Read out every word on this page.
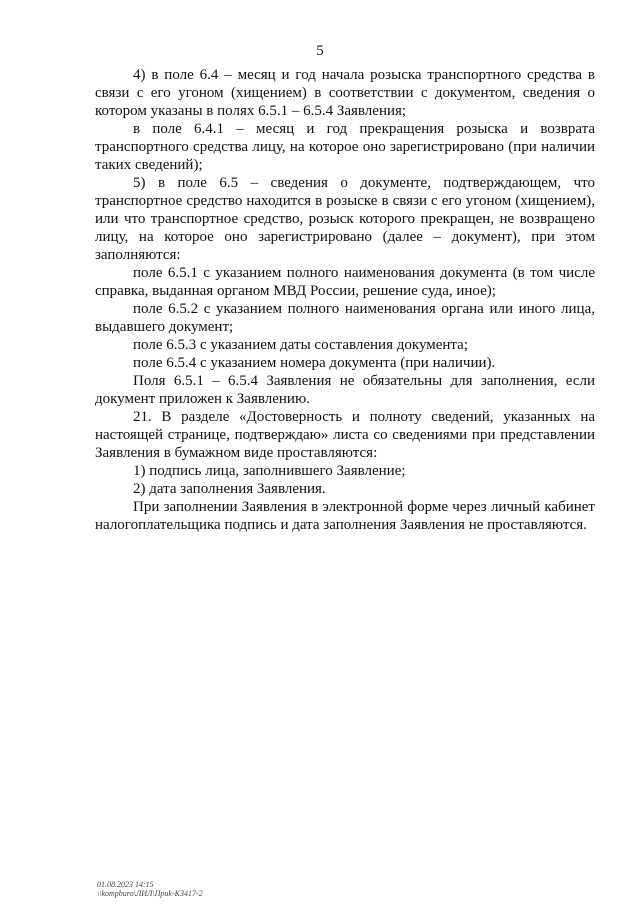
5

4) в поле 6.4 – месяц и год начала розыска транспортного средства в связи с его угоном (хищением) в соответствии с документом, сведения о котором указаны в полях 6.5.1 – 6.5.4 Заявления;

в поле 6.4.1 – месяц и год прекращения розыска и возврата транспортного средства лицу, на которое оно зарегистрировано (при наличии таких сведений);

5) в поле 6.5 – сведения о документе, подтверждающем, что транспортное средство находится в розыске в связи с его угоном (хищением), или что транспортное средство, розыск которого прекращен, не возвращено лицу, на которое оно зарегистрировано (далее – документ), при этом заполняются:

поле 6.5.1 с указанием полного наименования документа (в том числе справка, выданная органом МВД России, решение суда, иное);

поле 6.5.2 с указанием полного наименования органа или иного лица, выдавшего документ;

поле 6.5.3 с указанием даты составления документа;

поле 6.5.4 с указанием номера документа (при наличии).

Поля 6.5.1 – 6.5.4 Заявления не обязательны для заполнения, если документ приложен к Заявлению.

21. В разделе «Достоверность и полноту сведений, указанных на настоящей странице, подтверждаю» листа со сведениями при представлении Заявления в бумажном виде проставляются:

1) подпись лица, заполнившего Заявление;

2) дата заполнения Заявления.

При заполнении Заявления в электронной форме через личный кабинет налогоплательщика подпись и дата заполнения Заявления не проставляются.

01.08.2023 14:15
\\kompburo\ЛИЛ\Приk-K3417-2
